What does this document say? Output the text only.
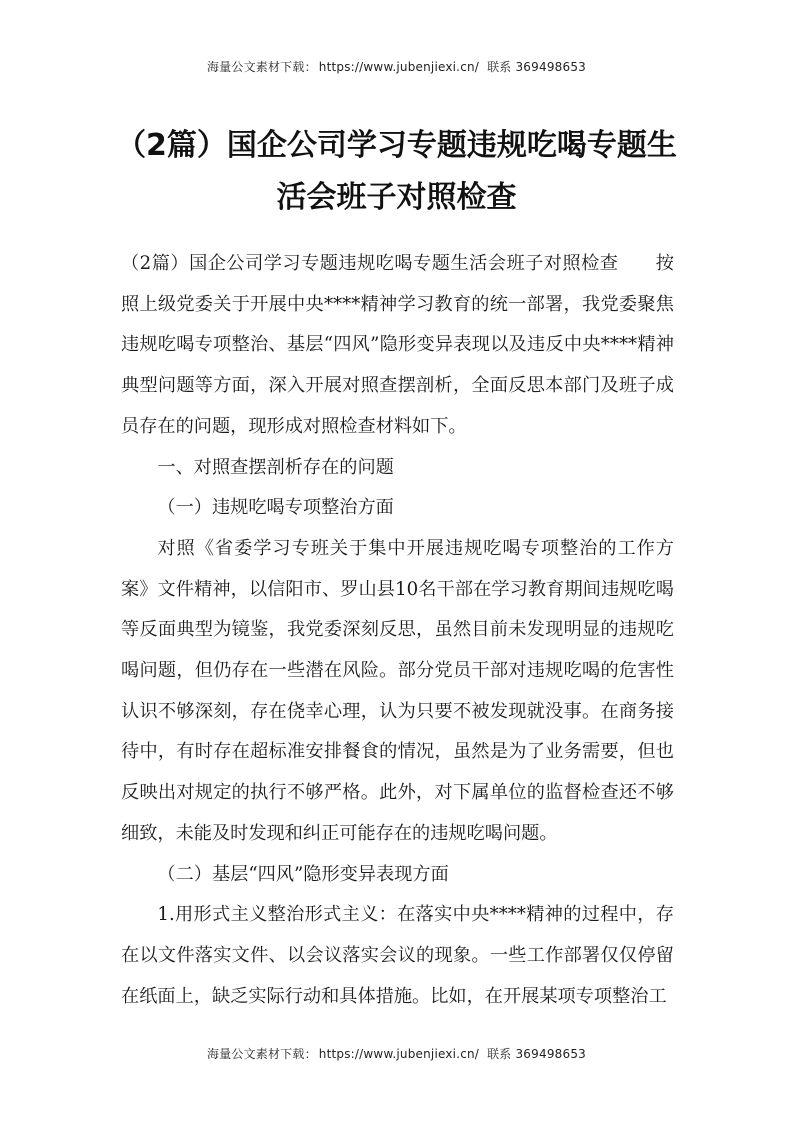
海量公文素材下载： https://www.jubenjiexi.cn/ 联系 369498653
（2篇）国企公司学习专题违规吃喝专题生活会班子对照检查

（2篇）国企公司学习专题违规吃喝专题生活会班子对照检查　　按照上级党委关于开展中央****精神学习教育的统一部署，我党委聚焦违规吃喝专项整治、基层“四风”隐形变异表现以及违反中央****精神典型问题等方面，深入开展对照查摆剖析，全面反思本部门及班子成员存在的问题，现形成对照检查材料如下。

一、对照查摆剖析存在的问题

（一）违规吃喝专项整治方面

对照《省委学习专班关于集中开展违规吃喝专项整治的工作方案》文件精神，以信阳市、罗山县10名干部在学习教育期间违规吃喝等反面典型为镜鉴，我党委深刻反思，虽然目前未发现明显的违规吃喝问题，但仍存在一些潜在风险。部分党员干部对违规吃喝的危害性认识不够深刻，存在侥幸心理，认为只要不被发现就没事。在商务接待中，有时存在超标准安排餐食的情况，虽然是为了业务需要，但也反映出对规定的执行不够严格。此外，对下属单位的监督检查还不够细致，未能及时发现和纠正可能存在的违规吃喝问题。

（二）基层“四风”隐形变异表现方面

1.用形式主义整治形式主义：在落实中央****精神的过程中，存在以文件落实文件、以会议落实会议的现象。一些工作部署仅仅停留在纸面上，缺乏实际行动和具体措施。比如，在开展某项专项整治工

海量公文素材下载： https://www.jubenjiexi.cn/ 联系 369498653
